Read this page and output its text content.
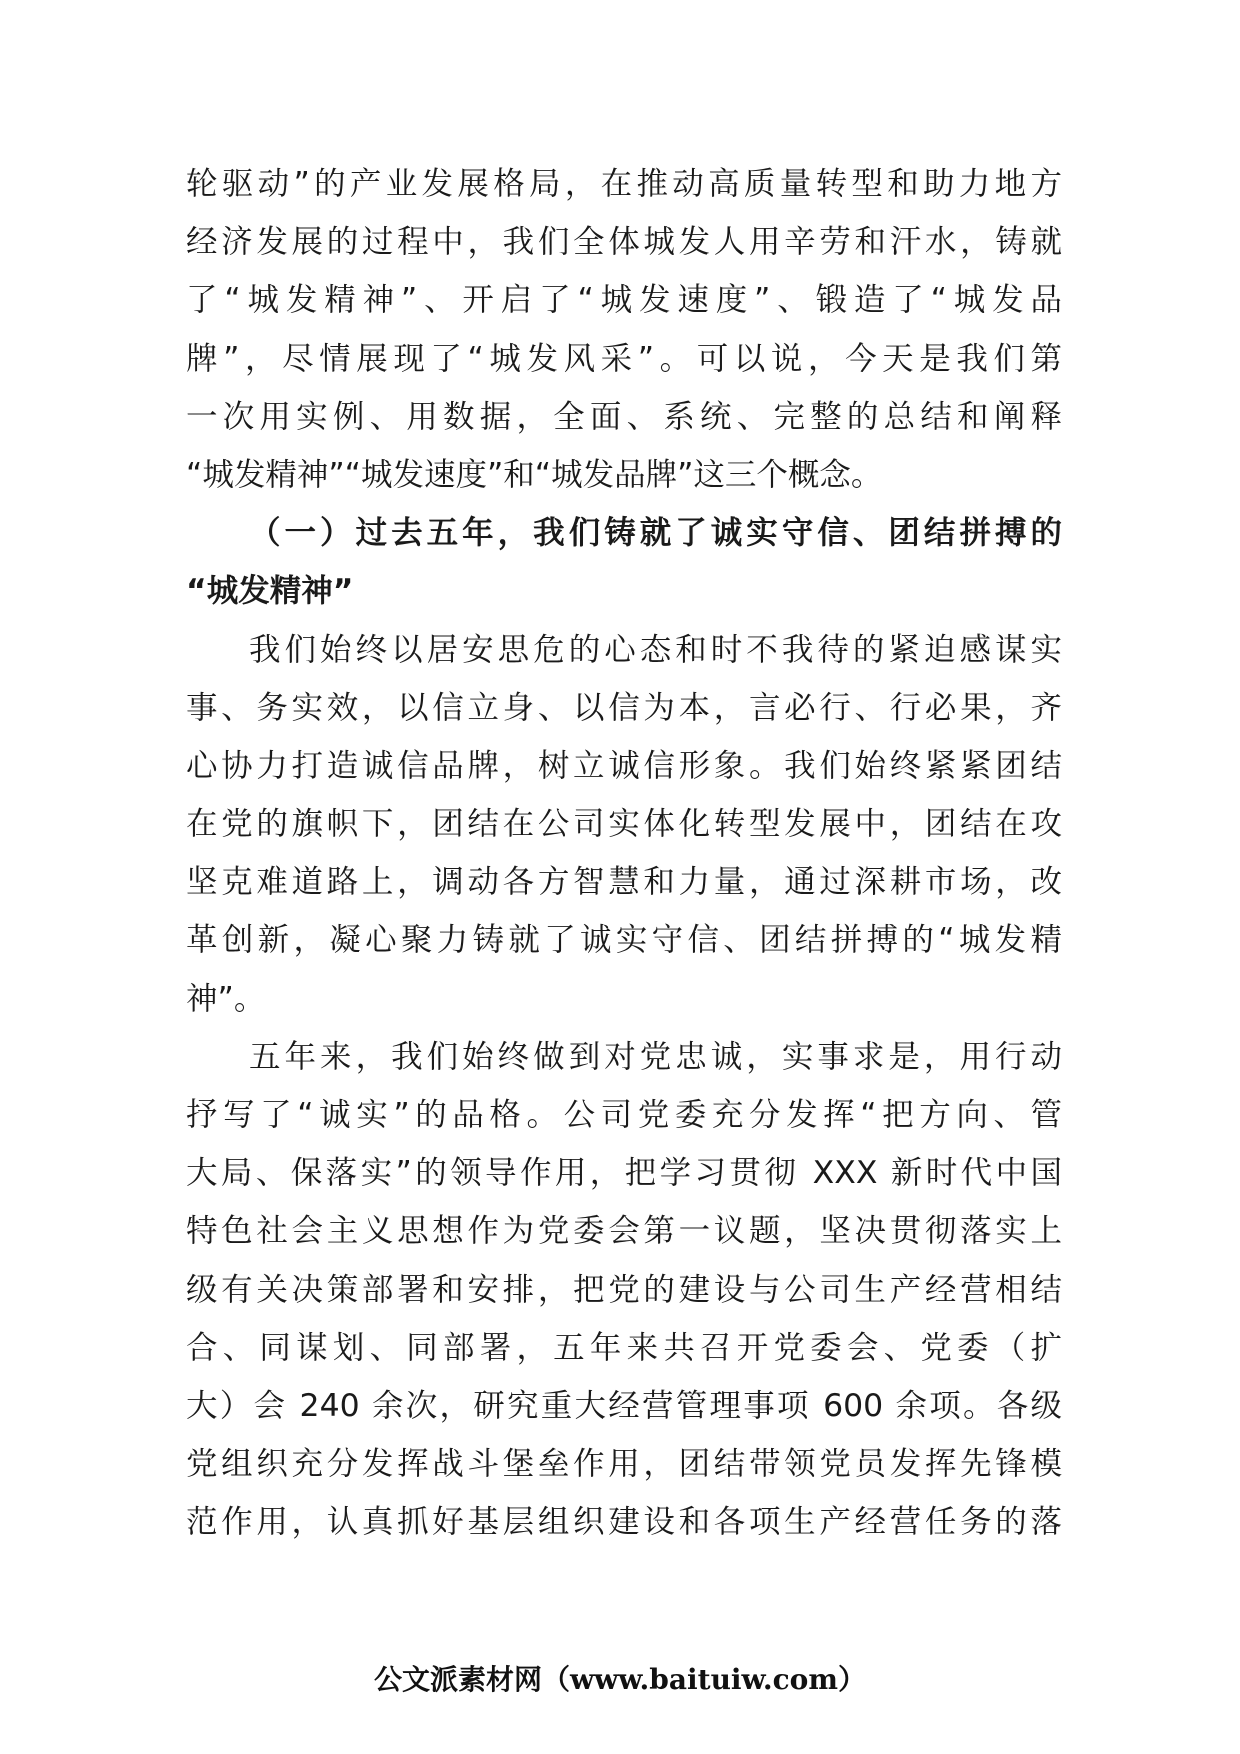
轮驱动”的产业发展格局，在推动高质量转型和助力地方
经济发展的过程中，我们全体城发人用辛劳和汗水，铸就
了“城发精神”、开启了“城发速度”、锻造了“城发品
牌”，尽情展现了“城发风采”。可以说，今天是我们第
一次用实例、用数据，全面、系统、完整的总结和阐释
“城发精神”“城发速度”和“城发品牌”这三个概念。
（一）过去五年，我们铸就了诚实守信、团结拼搏的
“城发精神”
我们始终以居安思危的心态和时不我待的紧迫感谋实
事、务实效，以信立身、以信为本，言必行、行必果，齐
心协力打造诚信品牌，树立诚信形象。我们始终紧紧团结
在党的旗帜下，团结在公司实体化转型发展中，团结在攻
坚克难道路上，调动各方智慧和力量，通过深耕市场，改
革创新，凝心聚力铸就了诚实守信、团结拼搏的“城发精
神”。
五年来，我们始终做到对党忠诚，实事求是，用行动
抒写了“诚实”的品格。公司党委充分发挥“把方向、管
大局、保落实”的领导作用，把学习贯彻 XXX 新时代中国
特色社会主义思想作为党委会第一议题，坚决贯彻落实上
级有关决策部署和安排，把党的建设与公司生产经营相结
合、同谋划、同部署，五年来共召开党委会、党委（扩
大）会 240 余次，研究重大经营管理事项 600 余项。各级
党组织充分发挥战斗堡垒作用，团结带领党员发挥先锋模
范作用，认真抓好基层组织建设和各项生产经营任务的落
公文派素材网（www.baituiw.com）
